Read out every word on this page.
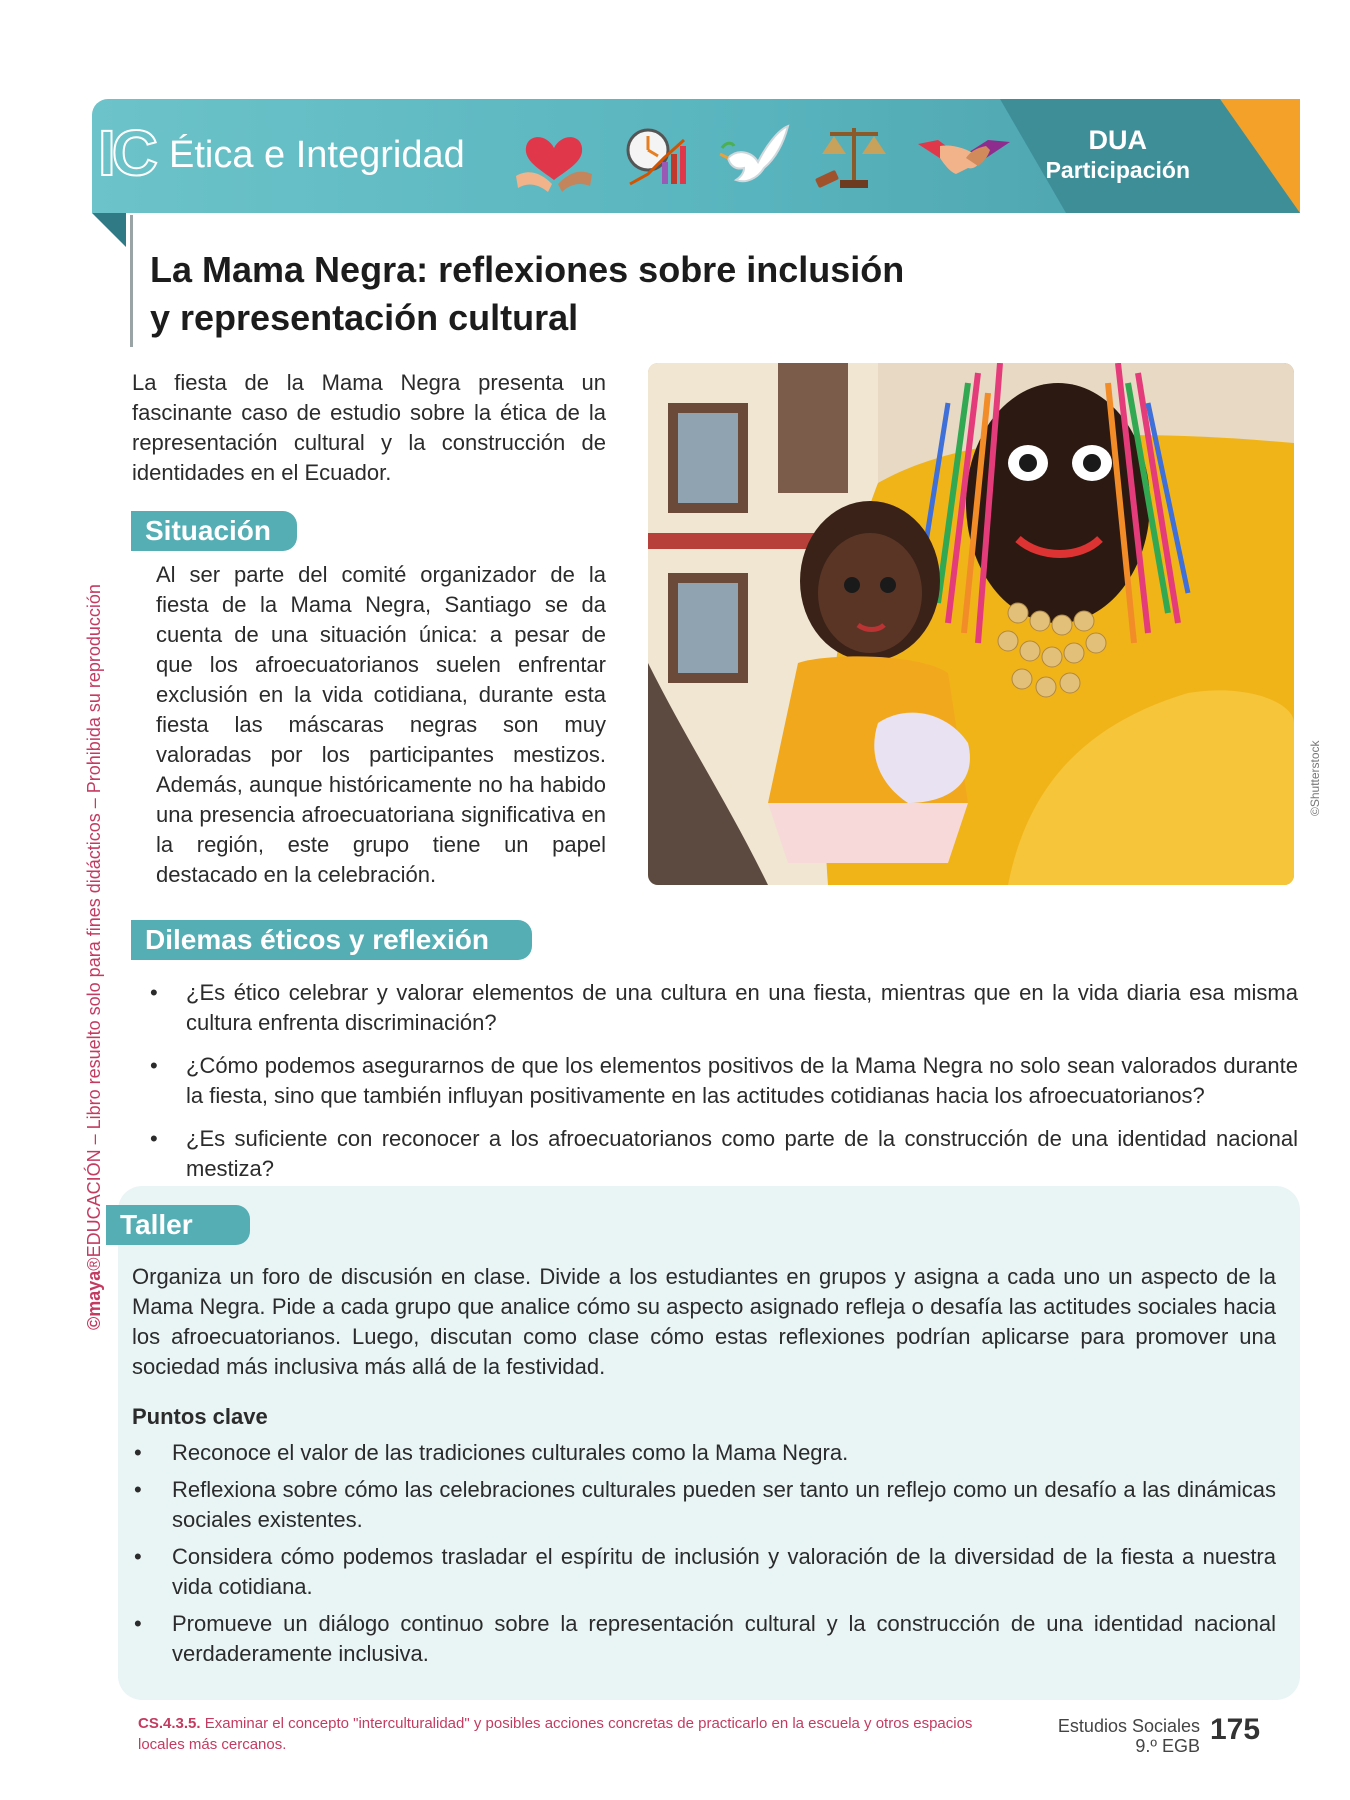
IC Ética e Integridad	DUA
Participación
©maya®EDUCACIÓN – Libro resuelto solo para fines didácticos – Prohibida su reproducción
La Mama Negra: reflexiones sobre inclusión
y representación cultural

La fiesta de la Mama Negra presenta un fascinante caso de estudio sobre la ética de la representación cultural y la construcción de identidades en el Ecuador.

Situación

Al ser parte del comité organizador de la fiesta de la Mama Negra, Santiago se da cuenta de una situación única: a pesar de que los afroecuatorianos suelen enfrentar exclusión en la vida cotidiana, durante esta fiesta las máscaras negras son muy valoradas por los participantes mestizos. Además, aunque históricamente no ha habido una presencia afroecuatoriana significativa en la región, este grupo tiene un papel destacado en la celebración.

©Shutterstock
Dilemas éticos y reflexión
• ¿Es ético celebrar y valorar elementos de una cultura en una fiesta, mientras que en la vida diaria esa misma cultura enfrenta discriminación?
• ¿Cómo podemos asegurarnos de que los elementos positivos de la Mama Negra no solo sean valorados durante la fiesta, sino que también influyan positivamente en las actitudes cotidianas hacia los afroecuatorianos?
• ¿Es suficiente con reconocer a los afroecuatorianos como parte de la construcción de una identidad nacional mestiza?
Taller

Organiza un foro de discusión en clase. Divide a los estudiantes en grupos y asigna a cada uno un aspecto de la Mama Negra. Pide a cada grupo que analice cómo su aspecto asignado refleja o desafía las actitudes sociales hacia los afroecuatorianos. Luego, discutan como clase cómo estas reflexiones podrían aplicarse para promover una sociedad más inclusiva más allá de la festividad.

Puntos clave

• Reconoce el valor de las tradiciones culturales como la Mama Negra.
• Reflexiona sobre cómo las celebraciones culturales pueden ser tanto un reflejo como un desafío a las dinámicas sociales existentes.
• Considera cómo podemos trasladar el espíritu de inclusión y valoración de la diversidad de la fiesta a nuestra vida cotidiana.
• Promueve un diálogo continuo sobre la representación cultural y la construcción de una identidad nacional verdaderamente inclusiva.
CS.4.3.5. Examinar el concepto "interculturalidad" y posibles acciones concretas de practicarlo en la escuela y otros espacios locales más cercanos.
Estudios Sociales
9.º EGB 175
